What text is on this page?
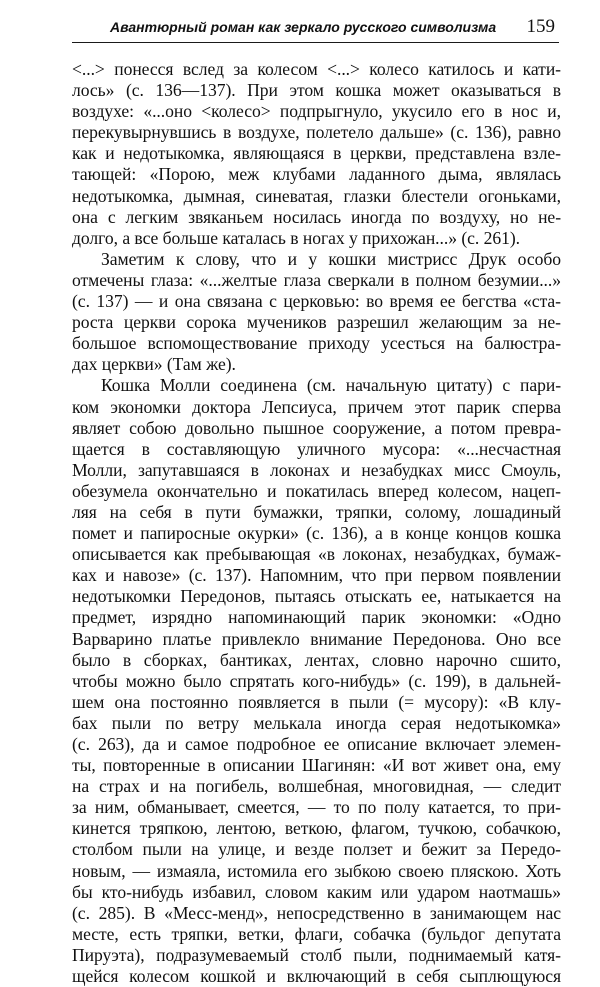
Авантюрный роман как зеркало русского символизма 159
<...> понесся вслед за колесом <...> колесо катилось и кати-
лось» (с. 136—137). При этом кошка может оказываться в
воздухе: «...оно <колесо> подпрыгнуло, укусило его в нос и,
перекувырнувшись в воздухе, полетело дальше» (с. 136), равно
как и недотыкомка, являющаяся в церкви, представлена взле-
тающей: «Порою, меж клубами ладанного дыма, являлась
недотыкомка, дымная, синеватая, глазки блестели огоньками,
она с легким звяканьем носилась иногда по воздуху, но не-
долго, а все больше каталась в ногах у прихожан...» (с. 261).
Заметим к слову, что и у кошки мистрисс Друк особо
отмечены глаза: «...желтые глаза сверкали в полном безумии...»
(с. 137) — и она связана с церковью: во время ее бегства «ста-
роста церкви сорока мучеников разрешил желающим за не-
большое вспомоществование приходу усесться на балюстра-
дах церкви» (Там же).
Кошка Молли соединена (см. начальную цитату) с пари-
ком экономки доктора Лепсиуса, причем этот парик сперва
являет собою довольно пышное сооружение, а потом превра-
щается в составляющую уличного мусора: «...несчастная
Молли, запутавшаяся в локонах и незабудках мисс Смоуль,
обезумела окончательно и покатилась вперед колесом, нацеп-
ляя на себя в пути бумажки, тряпки, солому, лошадиный
помет и папиросные окурки» (с. 136), а в конце концов кошка
описывается как пребывающая «в локонах, незабудках, бумаж-
ках и навозе» (с. 137). Напомним, что при первом появлении
недотыкомки Передонов, пытаясь отыскать ее, натыкается на
предмет, изрядно напоминающий парик экономки: «Одно
Варварино платье привлекло внимание Передонова. Оно все
было в сборках, бантиках, лентах, словно нарочно сшито,
чтобы можно было спрятать кого-нибудь» (с. 199), в дальней-
шем она постоянно появляется в пыли (= мусору): «В клу-
бах пыли по ветру мелькала иногда серая недотыкомка»
(с. 263), да и самое подробное ее описание включает элемен-
ты, повторенные в описании Шагинян: «И вот живет она, ему
на страх и на погибель, волшебная, многовидная, — следит
за ним, обманывает, смеется, — то по полу катается, то при-
кинется тряпкою, лентою, веткою, флагом, тучкою, собачкою,
столбом пыли на улице, и везде ползет и бежит за Передо-
новым, — измаяла, истомила его зыбкою своею пляскою. Хоть
бы кто-нибудь избавил, словом каким или ударом наотмашь»
(с. 285). В «Месс-менд», непосредственно в занимающем нас
месте, есть тряпки, ветки, флаги, собачка (бульдог депутата
Пируэта), подразумеваемый столб пыли, поднимаемый катя-
щейся колесом кошкой и включающий в себя сыплющуюся
